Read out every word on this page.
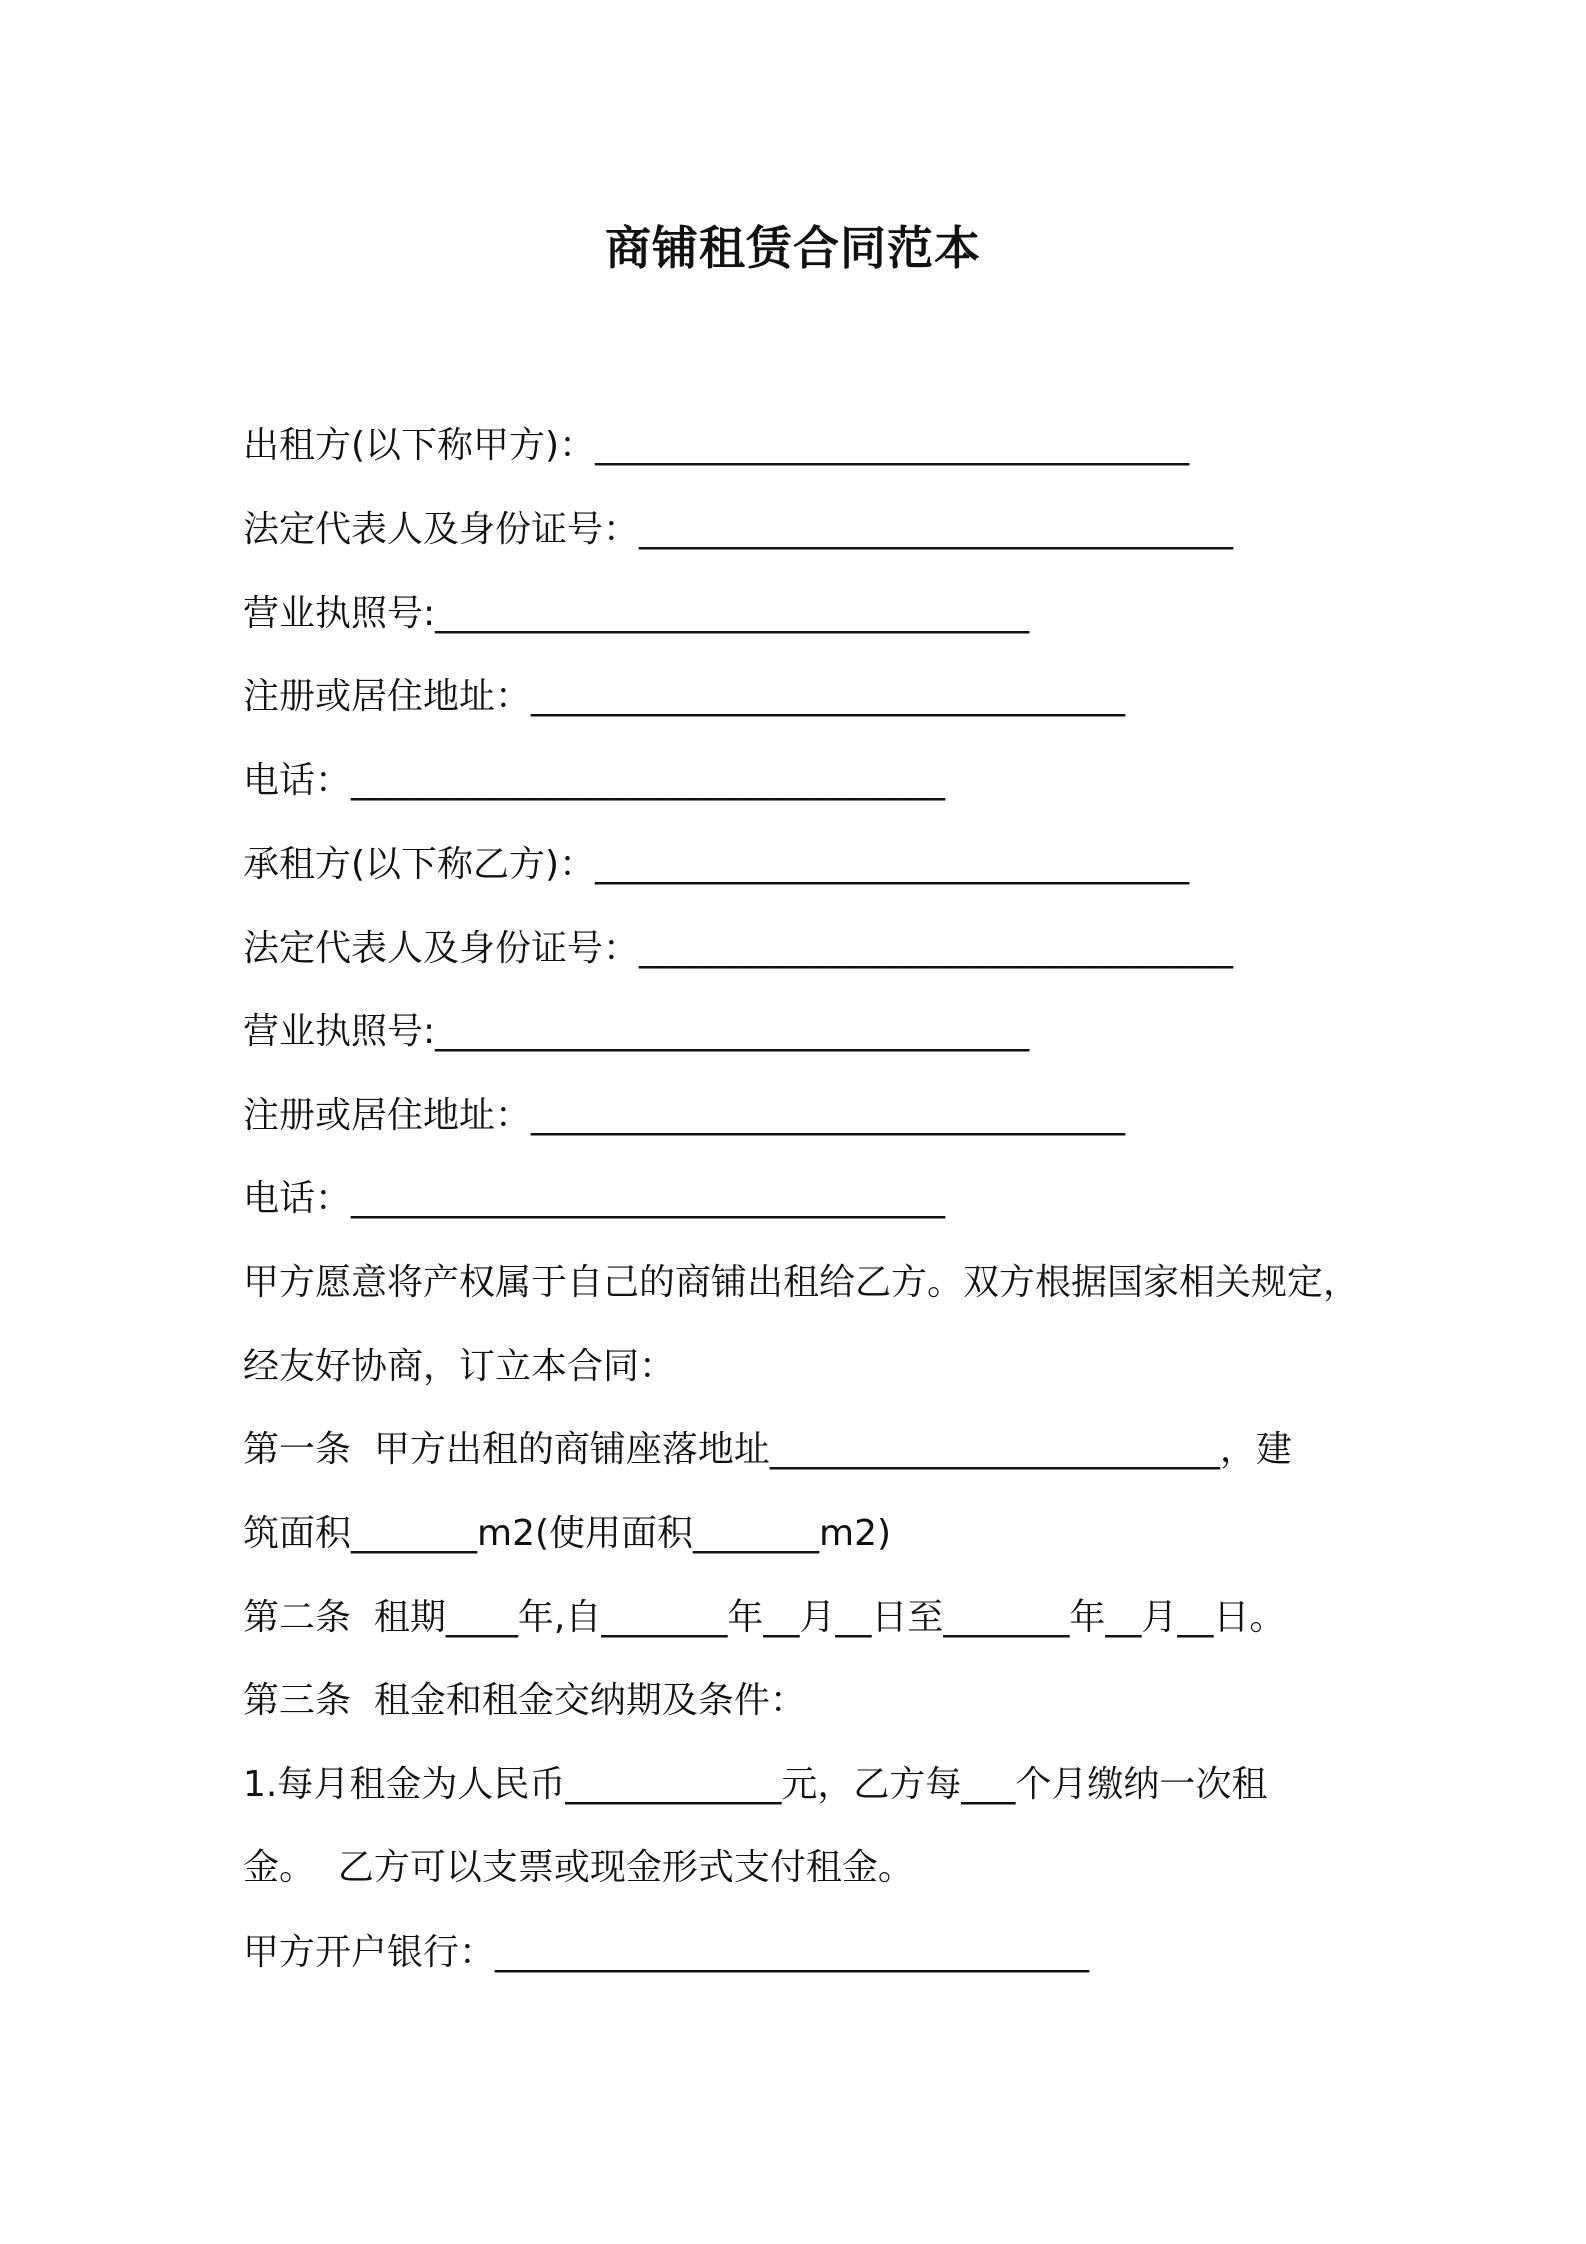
商铺租赁合同范本
出租方(以下称甲方)：_________________________________
法定代表人及身份证号：_________________________________
营业执照号:_________________________________
注册或居住地址：_________________________________
电话：_________________________________
承租方(以下称乙方)：_________________________________
法定代表人及身份证号：_________________________________
营业执照号:_________________________________
注册或居住地址：_________________________________
电话：_________________________________
甲方愿意将产权属于自己的商铺出租给乙方。双方根据国家相关规定，
经友好协商，订立本合同：
第一条  甲方出租的商铺座落地址_________________________，建
筑面积_______m2(使用面积_______m2)
第二条  租期____年,自_______年__月__日至_______年__月__日。
第三条  租金和租金交纳期及条件：
1.每月租金为人民币____________元，乙方每___个月缴纳一次租
金。  乙方可以支票或现金形式支付租金。
甲方开户银行：_________________________________
